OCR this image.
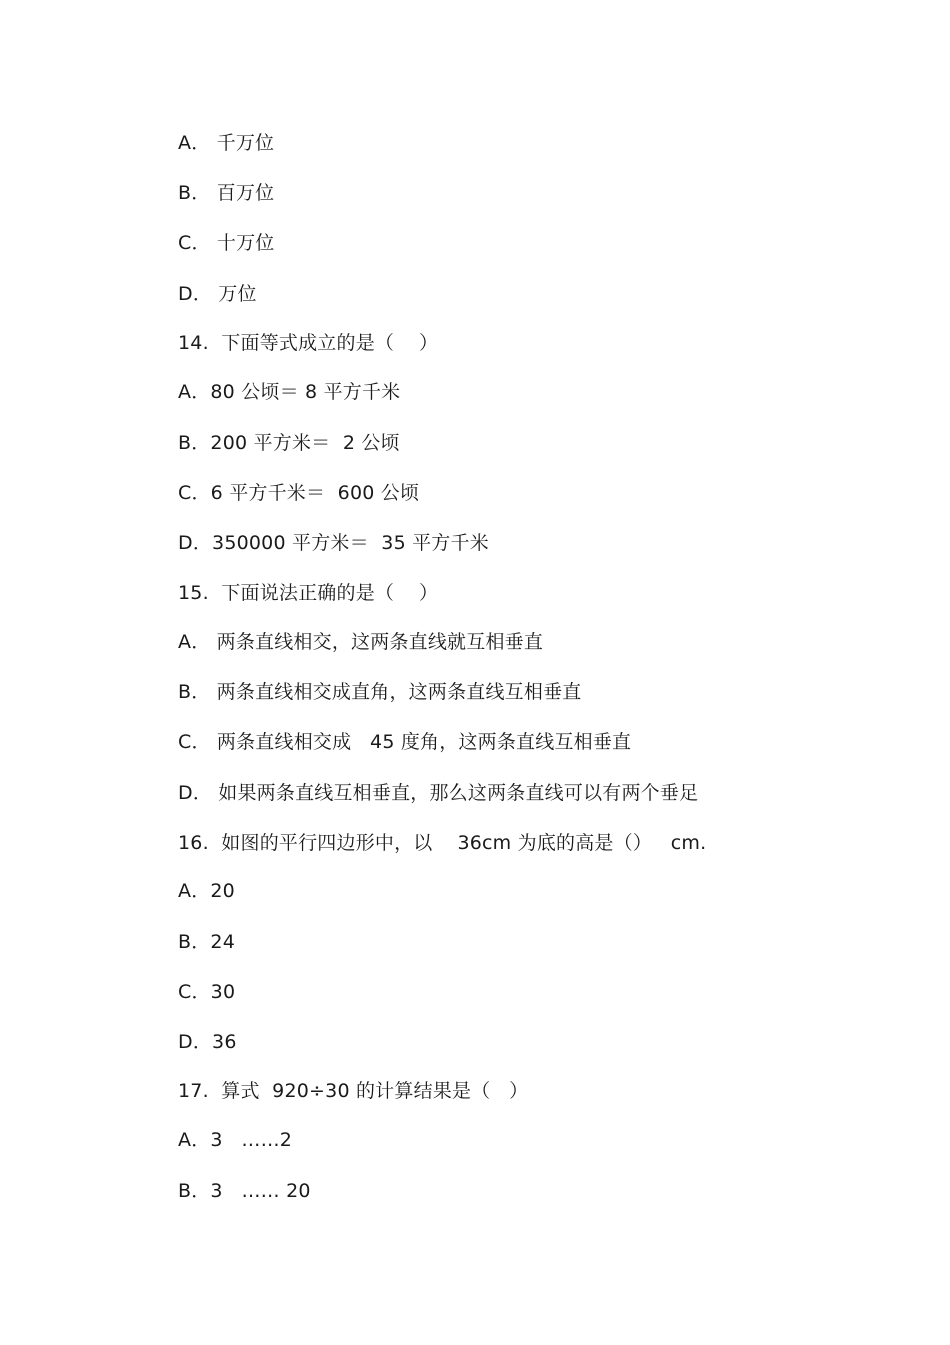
A． 千万位
B． 百万位
C． 十万位
D． 万位
14.  下面等式成立的是（    ）
A．80 公顷＝ 8 平方千米
B．200 平方米＝  2 公顷
C．6 平方千米＝  600 公顷
D．350000 平方米＝  35 平方千米
15.  下面说法正确的是（    ）
A． 两条直线相交，这两条直线就互相垂直
B． 两条直线相交成直角，这两条直线互相垂直
C． 两条直线相交成   45 度角，这两条直线互相垂直
D． 如果两条直线互相垂直，那么这两条直线可以有两个垂足
16.  如图的平行四边形中，以    36cm 为底的高是（）   cm.
A．20
B．24
C．30
D．36
17.  算式  920÷30 的计算结果是（   ）
A．3   ……2
B．3   …… 20
